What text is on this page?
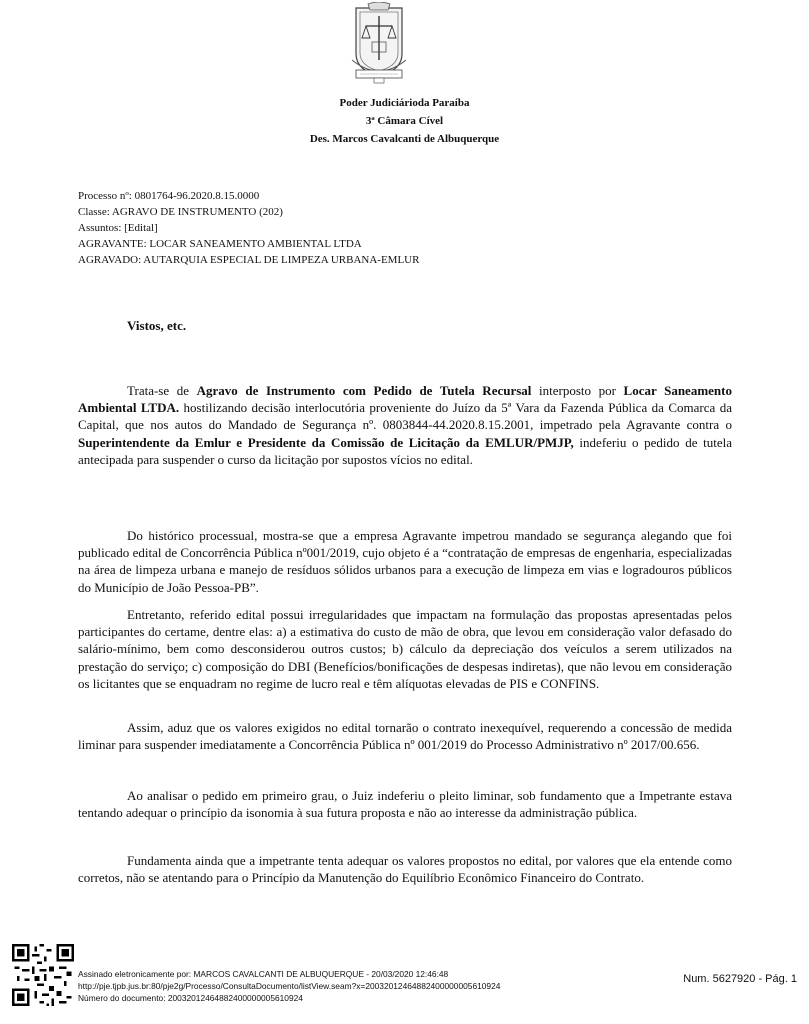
Poder Judiciárioda Paraíba
3ª Câmara Cível
Des. Marcos Cavalcanti de Albuquerque
Processo nº: 0801764-96.2020.8.15.0000
Classe: AGRAVO DE INSTRUMENTO (202)
Assuntos: [Edital]
AGRAVANTE: LOCAR SANEAMENTO AMBIENTAL LTDA
AGRAVADO: AUTARQUIA ESPECIAL DE LIMPEZA URBANA-EMLUR
Vistos, etc.

Trata-se de Agravo de Instrumento com Pedido de Tutela Recursal interposto por Locar Saneamento Ambiental LTDA. hostilizando decisão interlocutória proveniente do Juízo da 5ª Vara da Fazenda Pública da Comarca da Capital, que nos autos do Mandado de Segurança nº. 0803844-44.2020.8.15.2001, impetrado pela Agravante contra o Superintendente da Emlur e Presidente da Comissão de Licitação da EMLUR/PMJP, indeferiu o pedido de tutela antecipada para suspender o curso da licitação por supostos vícios no edital.

Do histórico processual, mostra-se que a empresa Agravante impetrou mandado se segurança alegando que foi publicado edital de Concorrência Pública nº001/2019, cujo objeto é a “contratação de empresas de engenharia, especializadas na área de limpeza urbana e manejo de resíduos sólidos urbanos para a execução de limpeza em vias e logradouros públicos do Município de João Pessoa-PB”.

Entretanto, referido edital possui irregularidades que impactam na formulação das propostas apresentadas pelos participantes do certame, dentre elas: a) a estimativa do custo de mão de obra, que levou em consideração valor defasado do salário-mínimo, bem como desconsiderou outros custos; b) cálculo da depreciação dos veículos a serem utilizados na prestação do serviço; c) composição do DBI (Benefícios/bonificações de despesas indiretas), que não levou em consideração os licitantes que se enquadram no regime de lucro real e têm alíquotas elevadas de PIS e CONFINS.

Assim, aduz que os valores exigidos no edital tornarão o contrato inexequível, requerendo a concessão de medida liminar para suspender imediatamente a Concorrência Pública nº 001/2019 do Processo Administrativo nº 2017/00.656.

Ao analisar o pedido em primeiro grau, o Juiz indeferiu o pleito liminar, sob fundamento que a Impetrante estava tentando adequar o princípio da isonomia à sua futura proposta e não ao interesse da administração pública.

Fundamenta ainda que a impetrante tenta adequar os valores propostos no edital, por valores que ela entende como corretos, não se atentando para o Princípio da Manutenção do Equilíbrio Econômico Financeiro do Contrato.

Assinado eletronicamente por: MARCOS CAVALCANTI DE ALBUQUERQUE - 20/03/2020 12:46:48
http://pje.tjpb.jus.br:80/pje2g/Processo/ConsultaDocumento/listView.seam?x=20032012464882400000005610924
Número do documento: 20032012464882400000005610924
Num. 5627920 - Pág. 1
